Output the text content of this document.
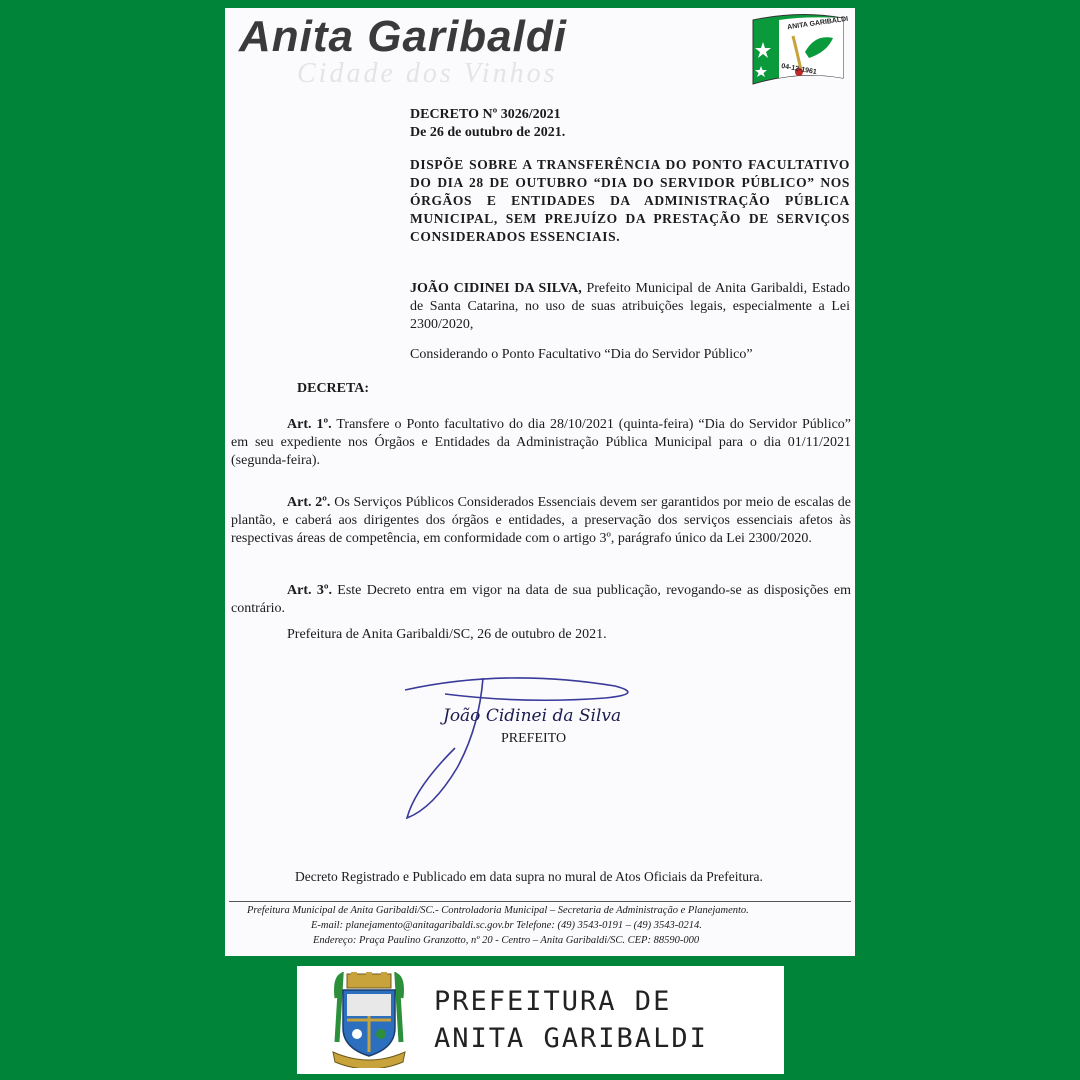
Anita Garibaldi
Cidade dos Vinhos
ANITA GARIBALDI
04-12-1961
DECRETO Nº 3026/2021
De 26 de outubro de 2021.
DISPÕE SOBRE A TRANSFERÊNCIA DO PONTO FACULTATIVO DO DIA 28 DE OUTUBRO “DIA DO SERVIDOR PÚBLICO” NOS ÓRGÃOS E ENTIDADES DA ADMINISTRAÇÃO PÚBLICA MUNICIPAL, SEM PREJUÍZO DA PRESTAÇÃO DE SERVIÇOS CONSIDERADOS ESSENCIAIS.
JOÃO CIDINEI DA SILVA, Prefeito Municipal de Anita Garibaldi, Estado de Santa Catarina, no uso de suas atribuições legais, especialmente a Lei 2300/2020,
Considerando o Ponto Facultativo “Dia do Servidor Público”
DECRETA:
Art. 1º. Transfere o Ponto facultativo do dia 28/10/2021 (quinta-feira) “Dia do Servidor Público” em seu expediente nos Órgãos e Entidades da Administração Pública Municipal para o dia 01/11/2021 (segunda-feira).
Art. 2º. Os Serviços Públicos Considerados Essenciais devem ser garantidos por meio de escalas de plantão, e caberá aos dirigentes dos órgãos e entidades, a preservação dos serviços essenciais afetos às respectivas áreas de competência, em conformidade com o artigo 3º, parágrafo único da Lei 2300/2020.
Art. 3º. Este Decreto entra em vigor na data de sua publicação, revogando-se as disposições em contrário.
Prefeitura de Anita Garibaldi/SC, 26 de outubro de 2021.
João Cidinei da Silva
PREFEITO
Decreto Registrado e Publicado em data supra no mural de Atos Oficiais da Prefeitura.
Prefeitura Municipal de Anita Garibaldi/SC.- Controladoria Municipal – Secretaria de Administração e Planejamento.
E-mail: planejamento@anitagaribaldi.sc.gov.br Telefone: (49) 3543-0191 – (49) 3543-0214.
Endereço: Praça Paulino Granzotto, nº 20 - Centro – Anita Garibaldi/SC. CEP: 88590-000
PREFEITURA DE
ANITA GARIBALDI
